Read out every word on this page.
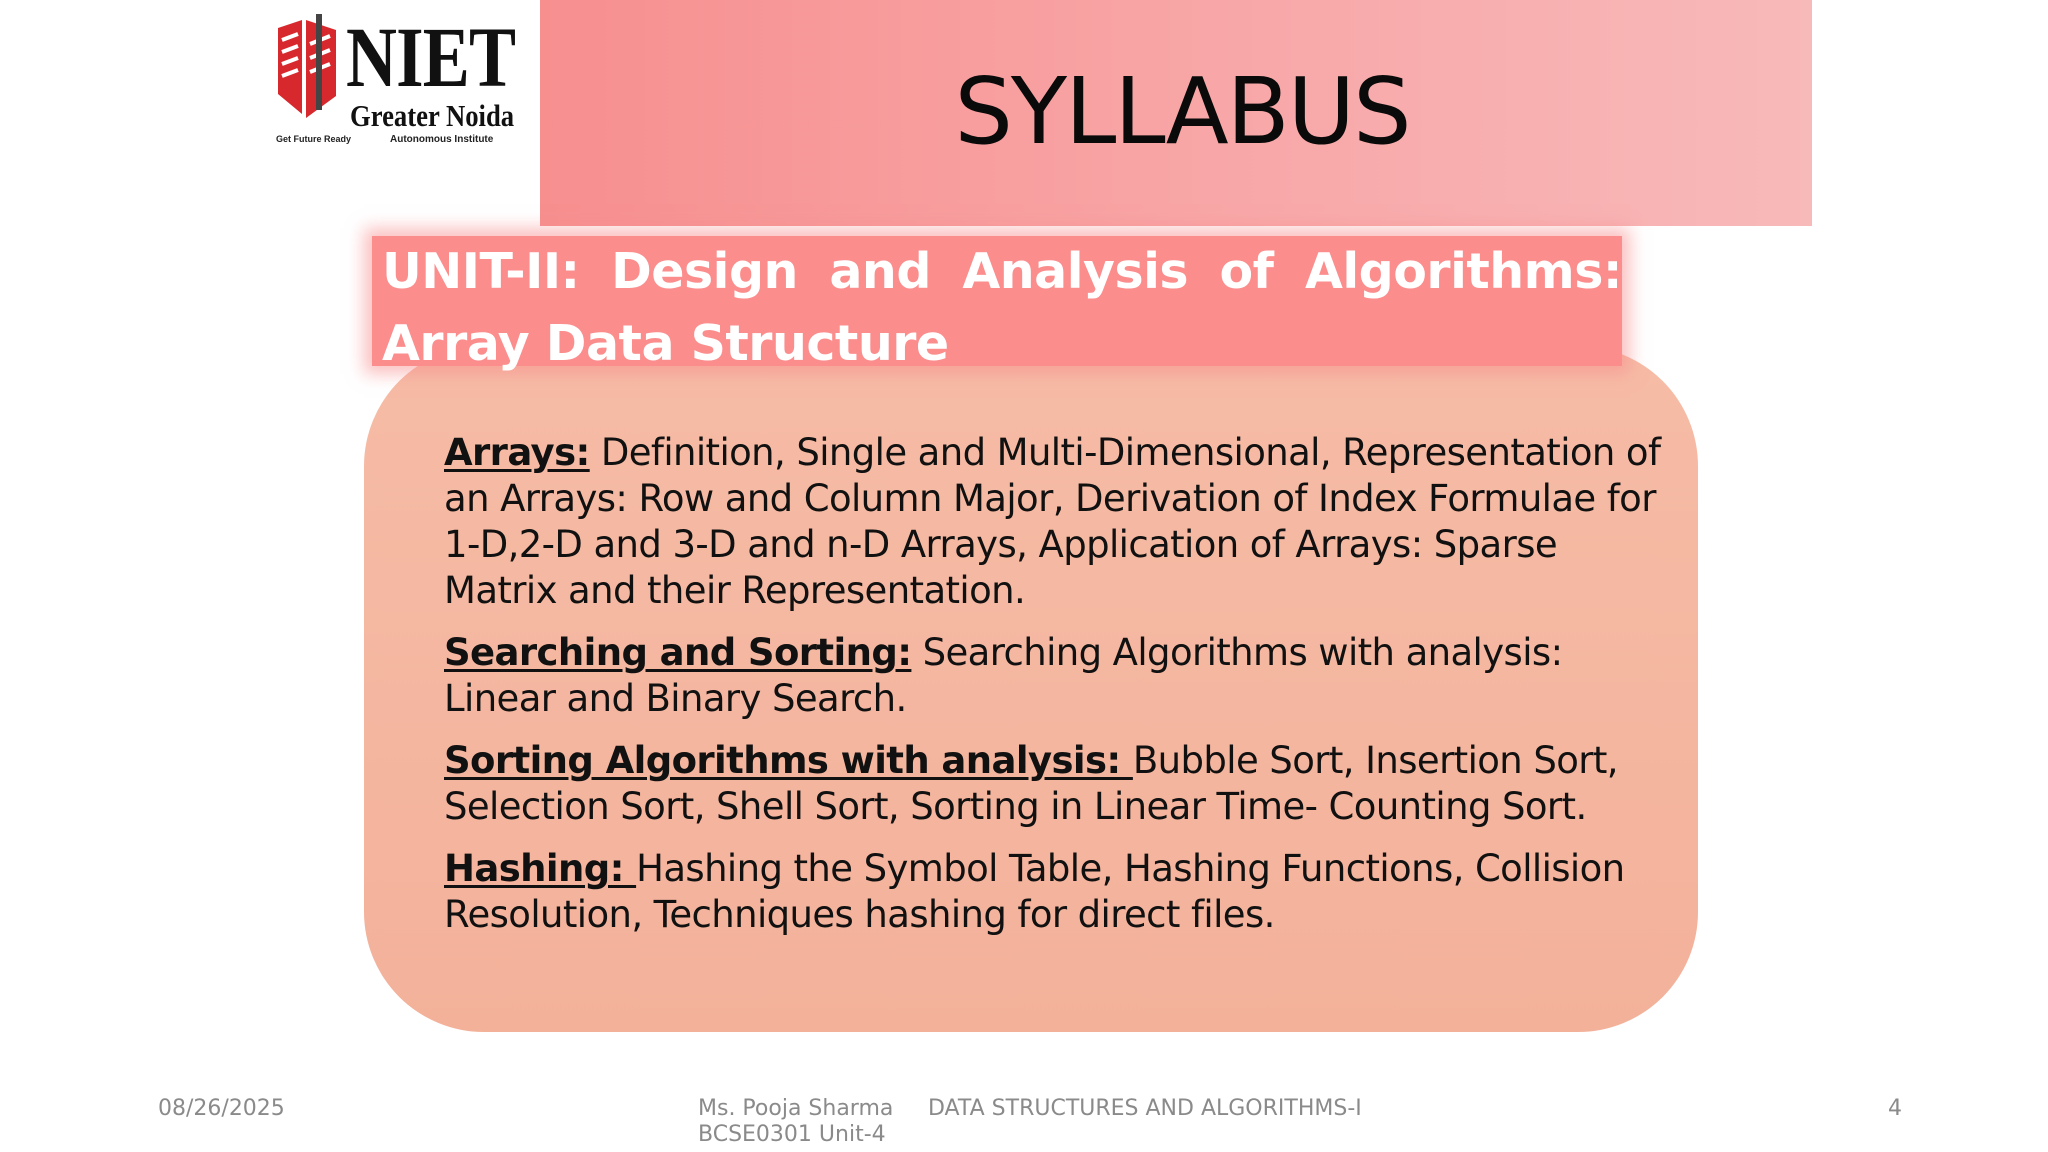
NIET
Greater Noida
Get Future Ready	Autonomous Institute	SYLLABUS
UNIT-II: Design and Analysis of Algorithms: Array Data Structure

Arrays: Definition, Single and Multi-Dimensional, Representation of an Arrays: Row and Column Major, Derivation of Index Formulae for 1-D,2-D and 3-D and n-D Arrays, Application of Arrays: Sparse Matrix and their Representation.

Searching and Sorting: Searching Algorithms with analysis: Linear and Binary Search.

Sorting Algorithms with analysis: Bubble Sort, Insertion Sort, Selection Sort, Shell Sort, Sorting in Linear Time- Counting Sort.

Hashing: Hashing the Symbol Table, Hashing Functions, Collision Resolution, Techniques hashing for direct files.

08/26/2025	Ms. Pooja Sharma
BCSE0301 Unit-4
DATA STRUCTURES AND ALGORITHMS-I	4
